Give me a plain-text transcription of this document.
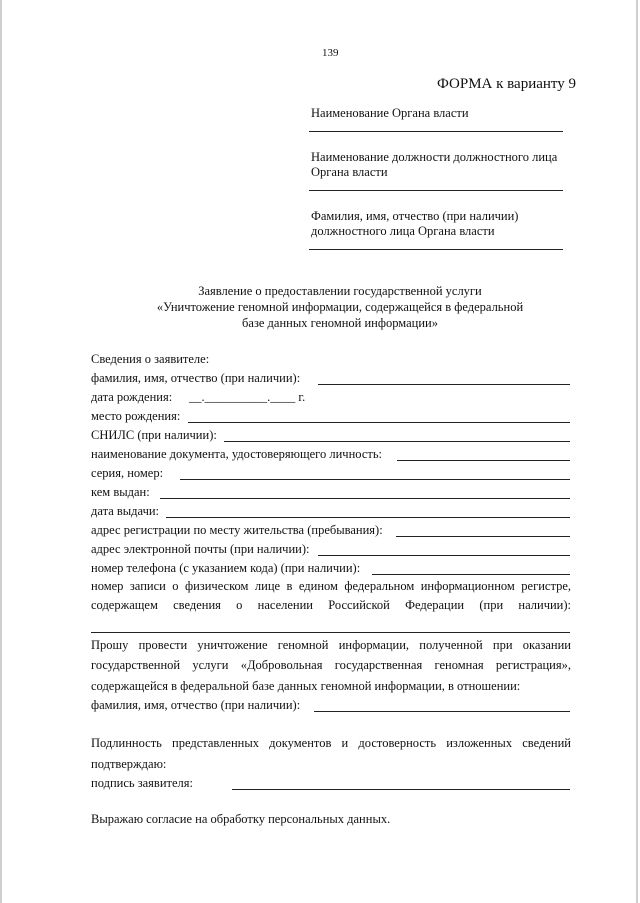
139
ФОРМА к варианту 9
Наименование Органа власти
Наименование должности должностного лица
Органа власти
Фамилия, имя, отчество (при наличии)
должностного лица Органа власти
Заявление о предоставлении государственной услуги
«Уничтожение геномной информации, содержащейся в федеральной
базе данных геномной информации»
Сведения о заявителе:
фамилия, имя, отчество (при наличии):
дата рождения: __.__________.____ г.
место рождения:
СНИЛС (при наличии):
наименование документа, удостоверяющего личность:
серия, номер:
кем выдан:
дата выдачи:
адрес регистрации по месту жительства (пребывания):
адрес электронной почты (при наличии):
номер телефона (с указанием кода) (при наличии):
номер записи о физическом лице в едином федеральном информационном регистре,
содержащем сведения о населении Российской Федерации (при наличии):
Прошу провести уничтожение геномной информации, полученной при оказании
государственной услуги «Добровольная государственная геномная регистрация»,
содержащейся в федеральной базе данных геномной информации, в отношении:
фамилия, имя, отчество (при наличии):
Подлинность представленных документов и достоверность изложенных сведений
подтверждаю:
подпись заявителя:
Выражаю согласие на обработку персональных данных.
